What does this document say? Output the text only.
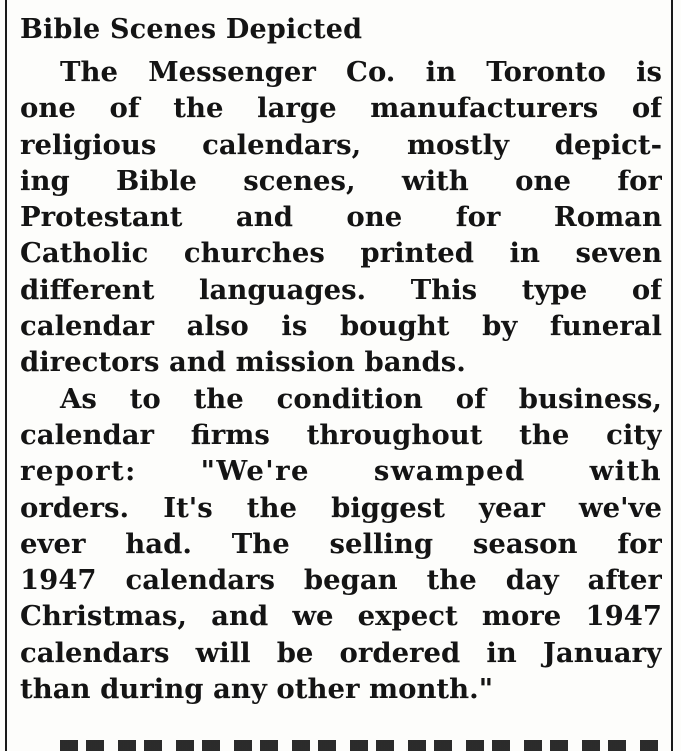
Bible Scenes Depicted
The Messenger Co. in Toronto is
one of the large manufacturers of
religious calendars, mostly depict-
ing Bible scenes, with one for
Protestant and one for Roman
Catholic churches printed in seven
different languages. This type of
calendar also is bought by funeral
directors and mission bands.
As to the condition of business,
calendar firms throughout the city
report: "We're swamped with
orders. It's the biggest year we've
ever had. The selling season for
1947 calendars began the day after
Christmas, and we expect more 1947
calendars will be ordered in January
than during any other month."
